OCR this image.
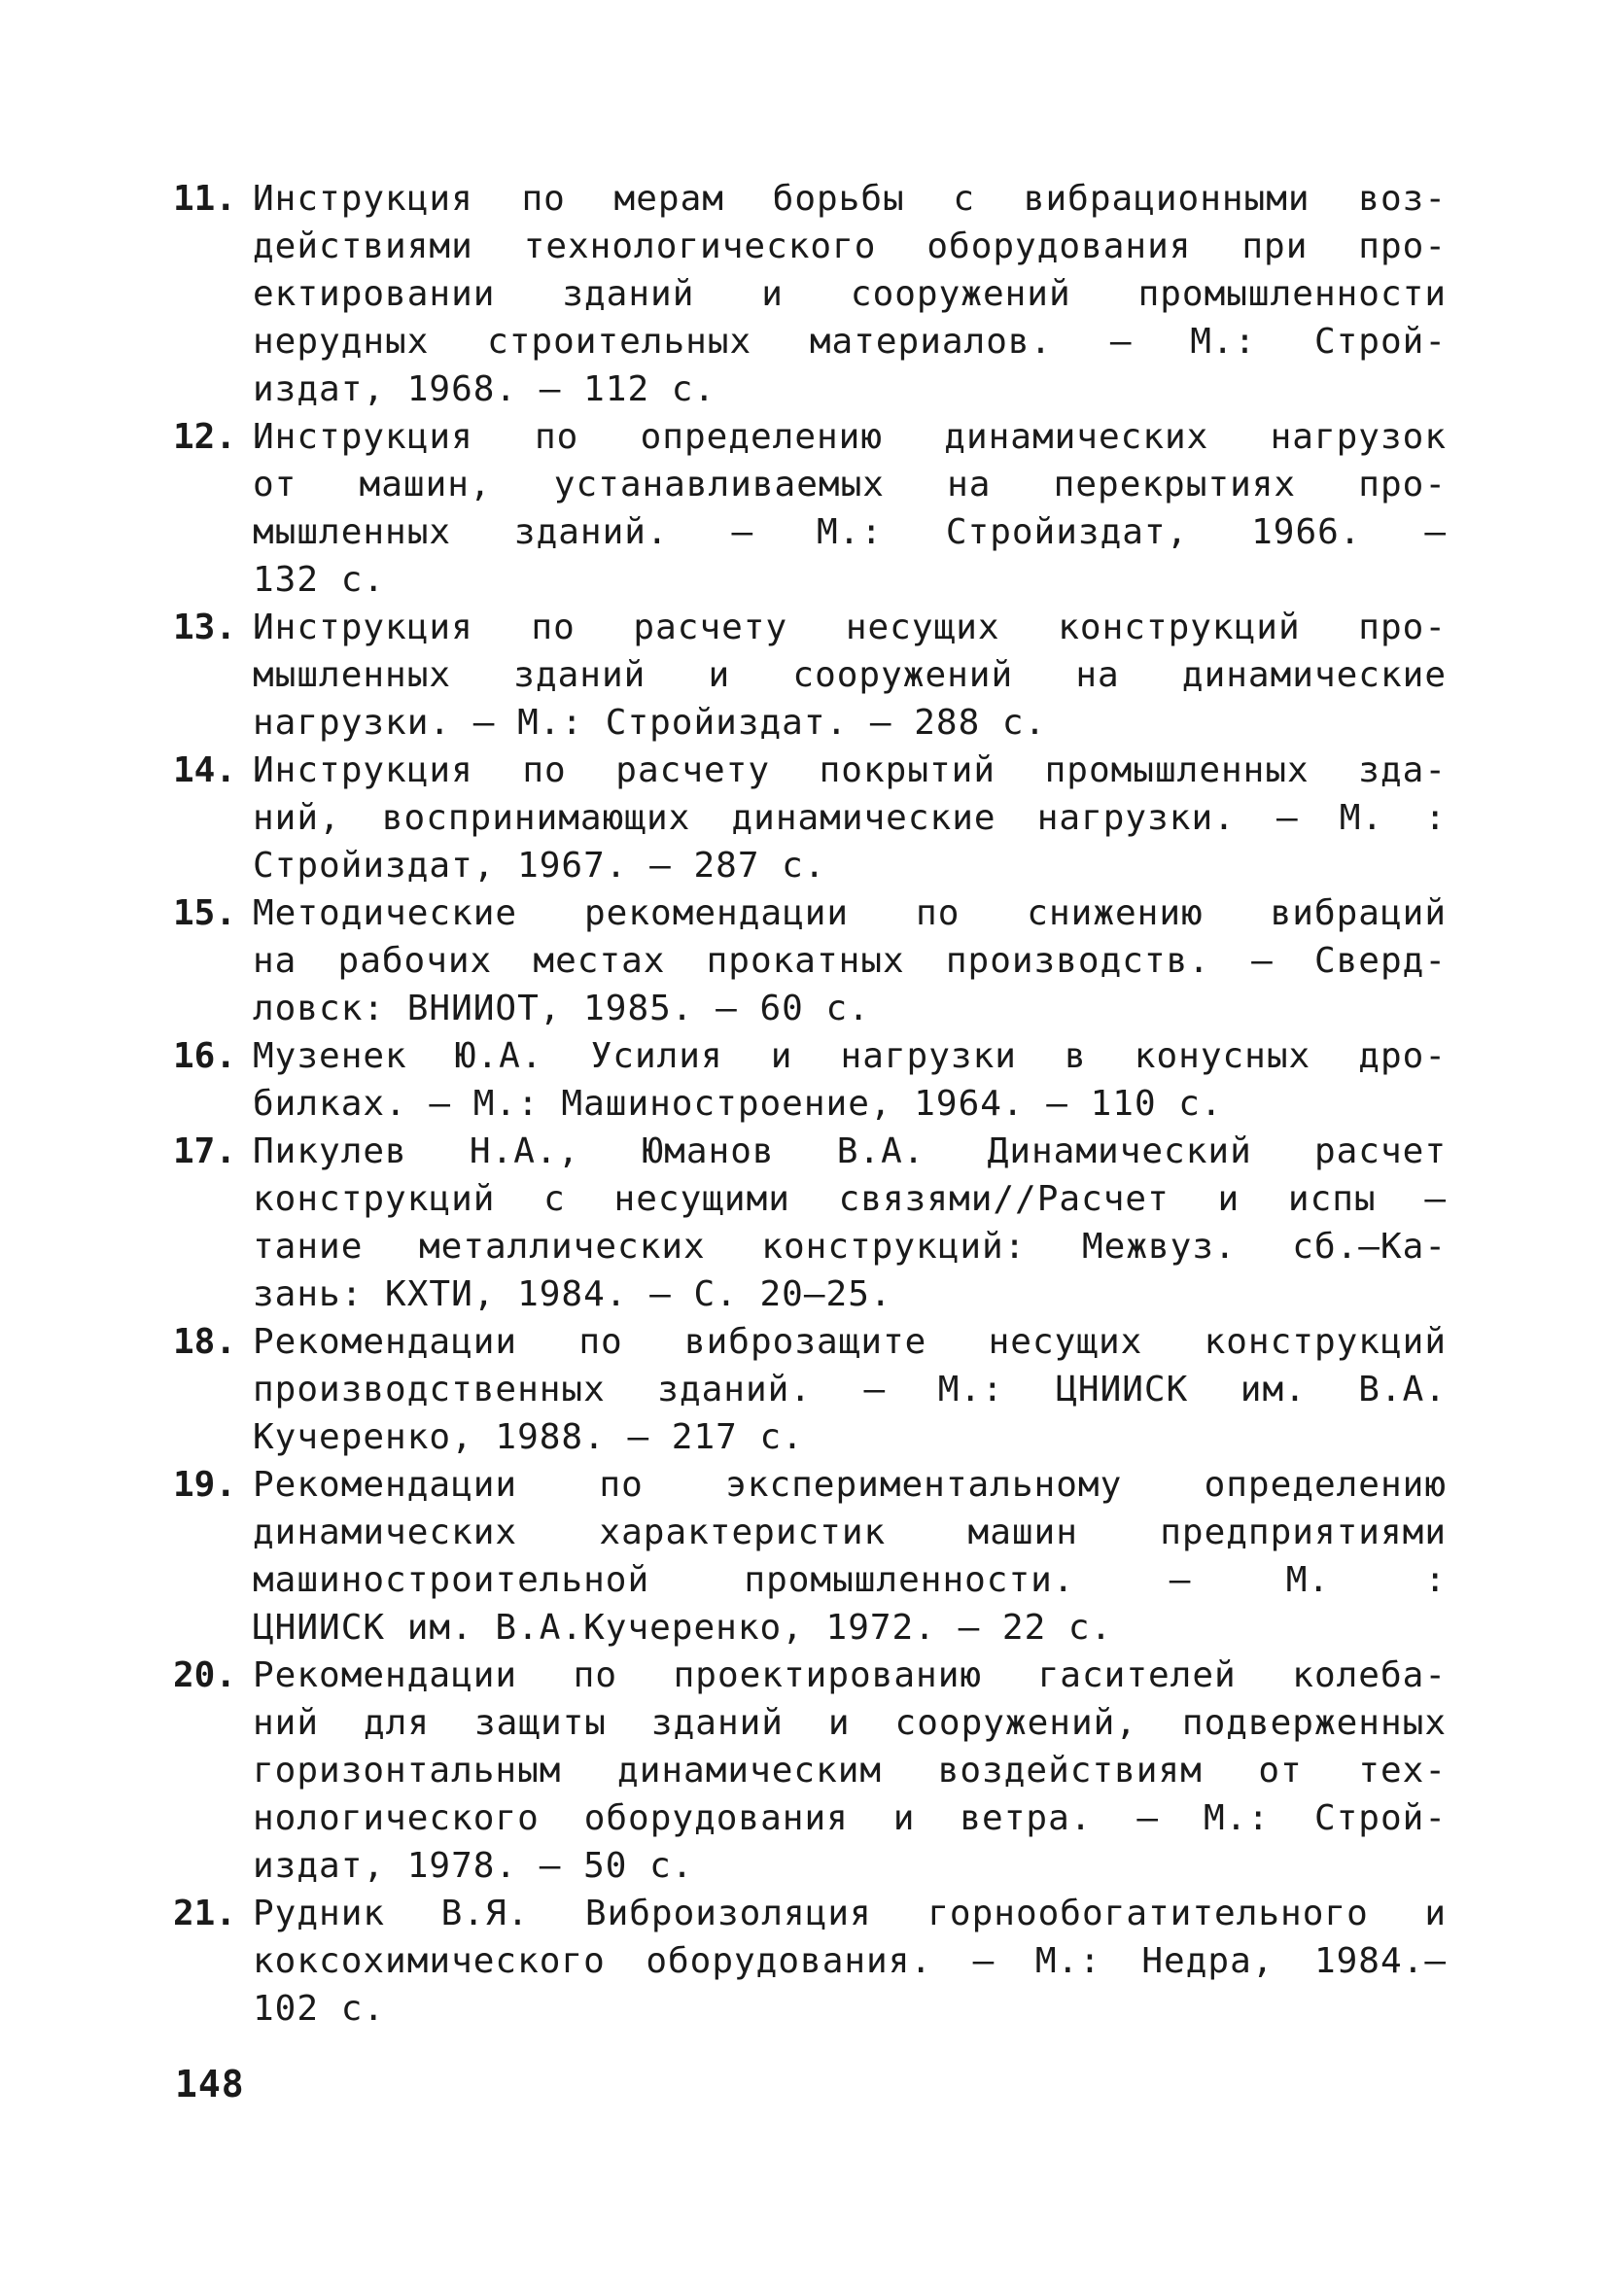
11. Инструкция по мерам борьбы с вибрационными воз-
действиями технологического оборудования при про-
ектировании зданий и сооружений промышленности
нерудных строительных материалов. – М.: Строй-
издат, 1968. – 112 с.
12. Инструкция по определению динамических нагрузок
от машин, устанавливаемых на перекрытиях про-
мышленных зданий. – М.: Стройиздат, 1966. –
132 с.
13. Инструкция по расчету несущих конструкций про-
мышленных зданий и сооружений на динамические
нагрузки. – М.: Стройиздат. – 288 с.
14. Инструкция по расчету покрытий промышленных зда-
ний, воспринимающих динамические нагрузки. – М. :
Стройиздат, 1967. – 287 с.
15. Методические рекомендации по снижению вибраций
на рабочих местах прокатных производств. – Сверд-
ловск: ВНИИОТ, 1985. – 60 с.
16. Музенек Ю.А. Усилия и нагрузки в конусных дро-
билках. – М.: Машиностроение, 1964. – 110 с.
17. Пикулев Н.А., Юманов В.А. Динамический расчет
конструкций с несущими связями//Расчет и испы –
тание металлических конструкций: Межвуз. сб.–Ка-
зань: КХТИ, 1984. – С. 20–25.
18. Рекомендации по виброзащите несущих конструкций
производственных зданий. – М.: ЦНИИСК им. В.А.
Кучеренко, 1988. – 217 с.
19. Рекомендации по экспериментальному определению
динамических характеристик машин предприятиями
машиностроительной промышленности. – М. :
ЦНИИСК им. В.А.Кучеренко, 1972. – 22 с.
20. Рекомендации по проектированию гасителей колеба-
ний для защиты зданий и сооружений, подверженных
горизонтальным динамическим воздействиям от тех-
нологического оборудования и ветра. – М.: Строй-
издат, 1978. – 50 с.
21. Рудник В.Я. Виброизоляция горнообогатительного и
коксохимического оборудования. – М.: Недра, 1984.–
102 с.
148
